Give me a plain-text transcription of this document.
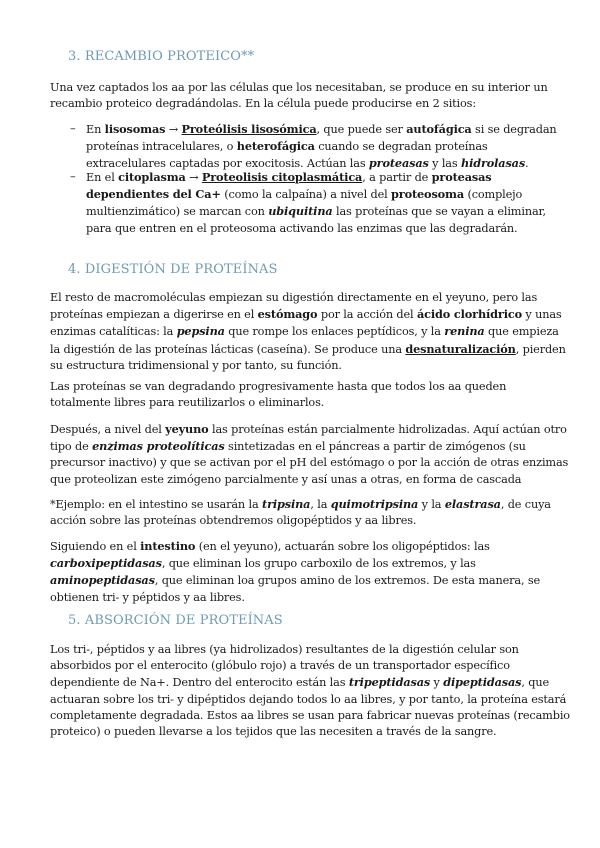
3. RECAMBIO PROTEICO**
Una vez captados los aa por las células que los necesitaban, se produce en su interior un recambio proteico degradándolas. En la célula puede producirse en 2 sitios:
– En lisosomas → Proteólisis lisosómica, que puede ser autofágica si se degradan proteínas intracelulares, o heterofágica cuando se degradan proteínas extracelulares captadas por exocitosis. Actúan las proteasas y las hidrolasas.
– En el citoplasma → Proteolisis citoplasmática, a partir de proteasas dependientes del Ca+ (como la calpaína) a nivel del proteosoma (complejo multienzimático) se marcan con ubiquitina las proteínas que se vayan a eliminar, para que entren en el proteosoma activando las enzimas que las degradarán.
4. DIGESTIÓN DE PROTEÍNAS
El resto de macromoléculas empiezan su digestión directamente en el yeyuno, pero las proteínas empiezan a digerirse en el estómago por la acción del ácido clorhídrico y unas enzimas catalíticas: la pepsina que rompe los enlaces peptídicos, y la renina que empieza la digestión de las proteínas lácticas (caseína). Se produce una desnaturalización, pierden su estructura tridimensional y por tanto, su función.
Las proteínas se van degradando progresivamente hasta que todos los aa queden totalmente libres para reutilizarlos o eliminarlos.
Después, a nivel del yeyuno las proteínas están parcialmente hidrolizadas. Aquí actúan otro tipo de enzimas proteolíticas sintetizadas en el páncreas a partir de zimógenos (su precursor inactivo) y que se activan por el pH del estómago o por la acción de otras enzimas que proteolizan este zimógeno parcialmente y así unas a otras, en forma de cascada
*Ejemplo: en el intestino se usarán la tripsina, la quimotripsina y la elastrasa, de cuya acción sobre las proteínas obtendremos oligopéptidos y aa libres.
Siguiendo en el intestino (en el yeyuno), actuarán sobre los oligopéptidos: las carboxipeptidasas, que eliminan los grupo carboxilo de los extremos, y las aminopeptidasas, que eliminan loa grupos amino de los extremos. De esta manera, se obtienen tri- y péptidos y aa libres.
5. ABSORCIÓN DE PROTEÍNAS
Los tri-, péptidos y aa libres (ya hidrolizados) resultantes de la digestión celular son absorbidos por el enterocito (glóbulo rojo) a través de un transportador específico dependiente de Na+. Dentro del enterocito están las tripeptidasas y dipeptidasas, que actuaran sobre los tri- y dipéptidos dejando todos lo aa libres, y por tanto, la proteína estará completamente degradada. Estos aa libres se usan para fabricar nuevas proteínas (recambio proteico) o pueden llevarse a los tejidos que las necesiten a través de la sangre.
